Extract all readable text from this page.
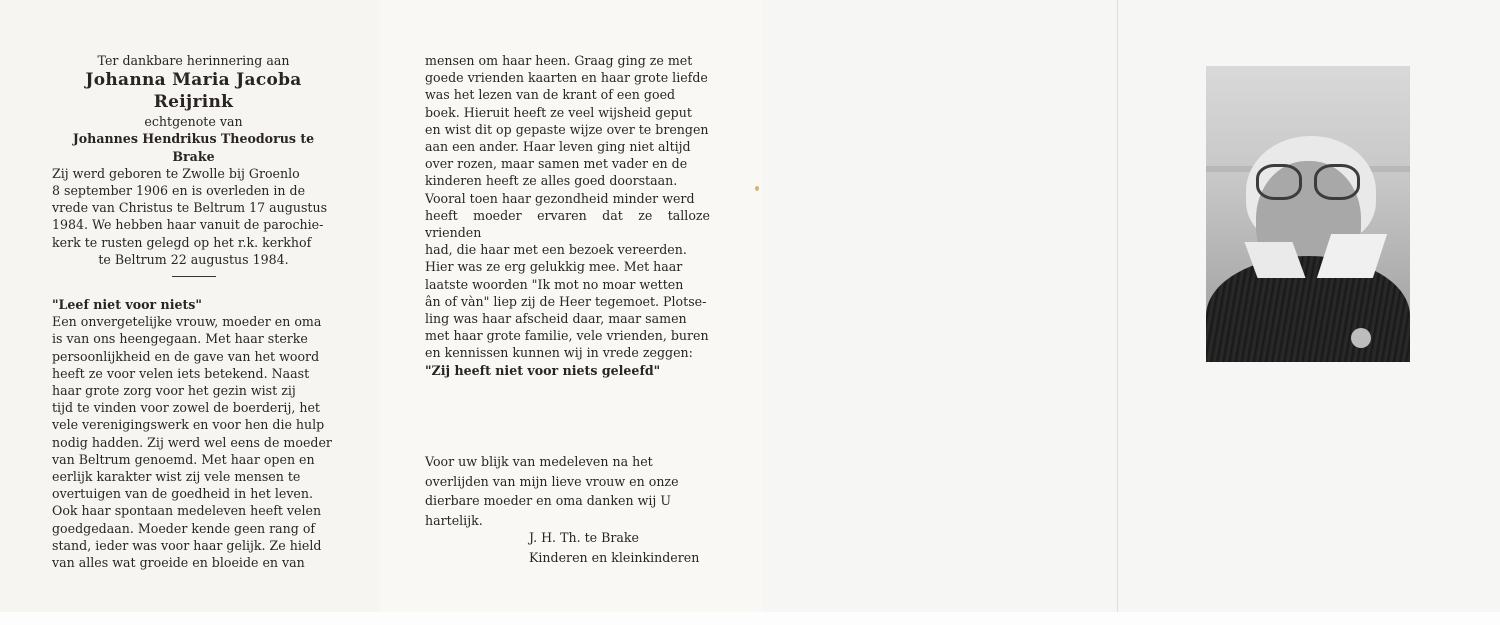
Ter dankbare herinnering aan

Johanna Maria Jacoba Reijrink

echtgenote van

Johannes Hendrikus Theodorus te Brake

Zij werd geboren te Zwolle bij Groenlo

8 september 1906 en is overleden in de

vrede van Christus te Beltrum 17 augustus

1984. We hebben haar vanuit de parochie-

kerk te rusten gelegd op het r.k. kerkhof

te Beltrum 22 augustus 1984.

"Leef niet voor niets"

Een onvergetelijke vrouw, moeder en oma

is van ons heengegaan. Met haar sterke

persoonlijkheid en de gave van het woord

heeft ze voor velen iets betekend. Naast

haar grote zorg voor het gezin wist zij

tijd te vinden voor zowel de boerderij, het

vele verenigingswerk en voor hen die hulp

nodig hadden. Zij werd wel eens de moeder

van Beltrum genoemd. Met haar open en

eerlijk karakter wist zij vele mensen te

overtuigen van de goedheid in het leven.

Ook haar spontaan medeleven heeft velen

goedgedaan. Moeder kende geen rang of

stand, ieder was voor haar gelijk. Ze hield

van alles wat groeide en bloeide en van

mensen om haar heen. Graag ging ze met

goede vrienden kaarten en haar grote liefde

was het lezen van de krant of een goed

boek. Hieruit heeft ze veel wijsheid geput

en wist dit op gepaste wijze over te brengen

aan een ander. Haar leven ging niet altijd

over rozen, maar samen met vader en de

kinderen heeft ze alles goed doorstaan.

Vooral toen haar gezondheid minder werd

heeft moeder ervaren dat ze talloze vrienden

had, die haar met een bezoek vereerden.

Hier was ze erg gelukkig mee. Met haar

laatste woorden "Ik mot no moar wetten

ân of vàn" liep zij de Heer tegemoet. Plotse-

ling was haar afscheid daar, maar samen

met haar grote familie, vele vrienden, buren

en kennissen kunnen wij in vrede zeggen:

"Zij heeft niet voor niets geleefd"

Voor uw blijk van medeleven na het

overlijden van mijn lieve vrouw en onze

dierbare moeder en oma danken wij U

hartelijk.

J. H. Th. te Brake

Kinderen en kleinkinderen
